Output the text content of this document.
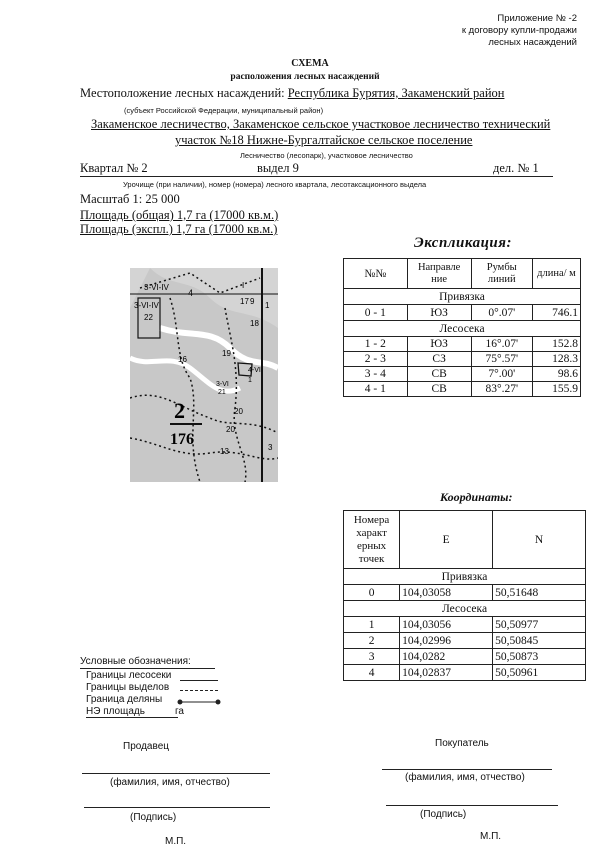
Приложение № -2
к договору купли-продажи
лесных насаждений
СХЕМА
расположения лесных насаждений
Местоположение лесных насаждений: Республика Бурятия, Закаменский район
(субъект Российской Федерации, муниципальный район)
Закаменское лесничество, Закаменское сельское участковое лесничество технический
участок №18 Нижне-Бургалтайское сельское поселение
Лесничество (лесопарк), участковое лесничество
Квартал № 2	выдел 9	дел. № 1
Урочище (при наличии), номер (номера) лесного квартала, лесотаксационного выдела
Масштаб 1: 25 000
Площадь (общая) 1,7 га (17000 кв.м.)
Площадь (экспл.) 1,7 га (17000 кв.м.)
3-VI-IV
3-VI-IV
22
4
I
17 9
18
1
19
4-VI
16
20
13
3-VI
1
21
2
176
20
3
Экспликация:
№№	Направле ние	Румбы линий	длина/ м
Привязка			
0 - 1	ЮЗ	0°.07'	746.1
Лесосека			
1 - 2	ЮЗ	16°.07'	152.8
2 - 3	СЗ	75°.57'	128.3
3 - 4	СВ	7°.00'	98.6
4 - 1	СВ	83°.27'	155.9
Координаты:
Номера характ ерных точек	E	N
Привязка		
0	104,03058	50,51648
Лесосека		
1	104,03056	50,50977
2	104,02996	50,50845
3	104,0282	50,50873
4	104,02837	50,50961
Условные обозначения:
Границы лесосеки
Границы выделов
Граница деляны
НЭ площадь	га
Продавец	Покупатель
(фамилия, имя, отчество)	(фамилия, имя, отчество)
(Подпись)	(Подпись)
М.П.	М.П.
